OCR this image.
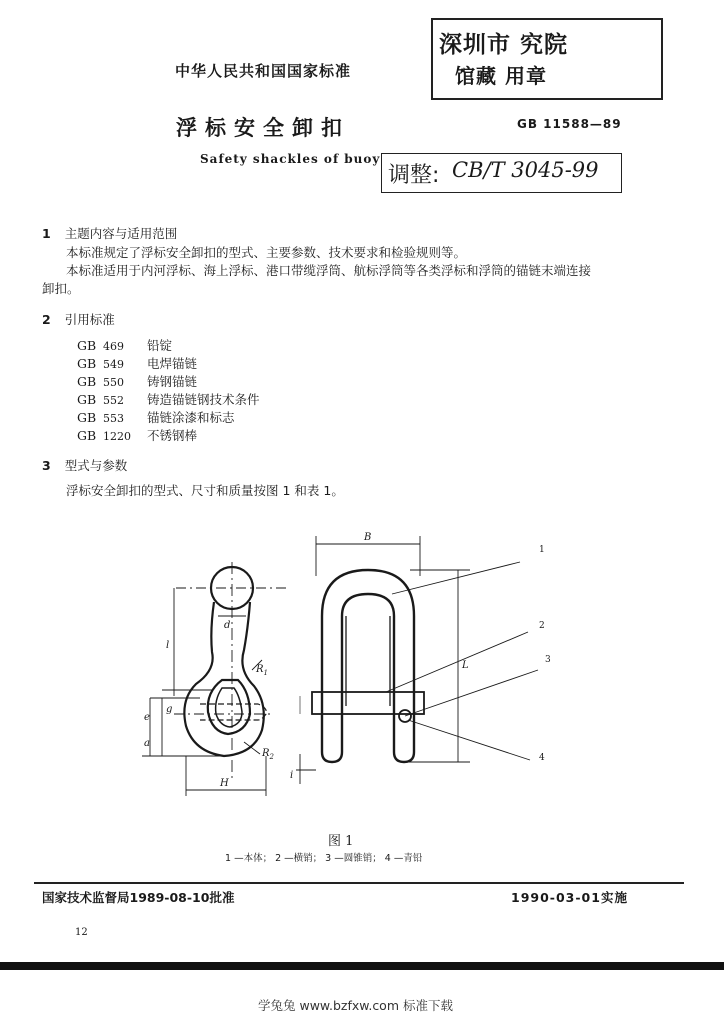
中华人民共和国国家标准
深圳市 究院
馆藏 用章
浮标安全卸扣	GB 11588—89
Safety shackles of buoy
调整: CB/T 3045-99
1 主题内容与适用范围
本标准规定了浮标安全卸扣的型式、主要参数、技术要求和检验规则等。
本标准适用于内河浮标、海上浮标、港口带缆浮筒、航标浮筒等各类浮标和浮筒的锚链末端连接
卸扣。
2 引用标准
GB 469 铅锭
GB 549 电焊锚链
GB 550 铸钢锚链
GB 552 铸造锚链钢技术条件
GB 553 锚链涂漆和标志
GB 1220 不锈钢棒
3 型式与参数
浮标安全卸扣的型式、尺寸和质量按图 1 和表 1。
B
L
l
d
g
e
a
H
i
$R_1$
$R_2$
1
2
3
4
图 1
1 —本体； 2 —横销； 3 —圆锥销； 4 —青铅
国家技术监督局1989-08-10批准	1990-03-01实施
12
学兔兔 www.bzfxw.com 标准下载
